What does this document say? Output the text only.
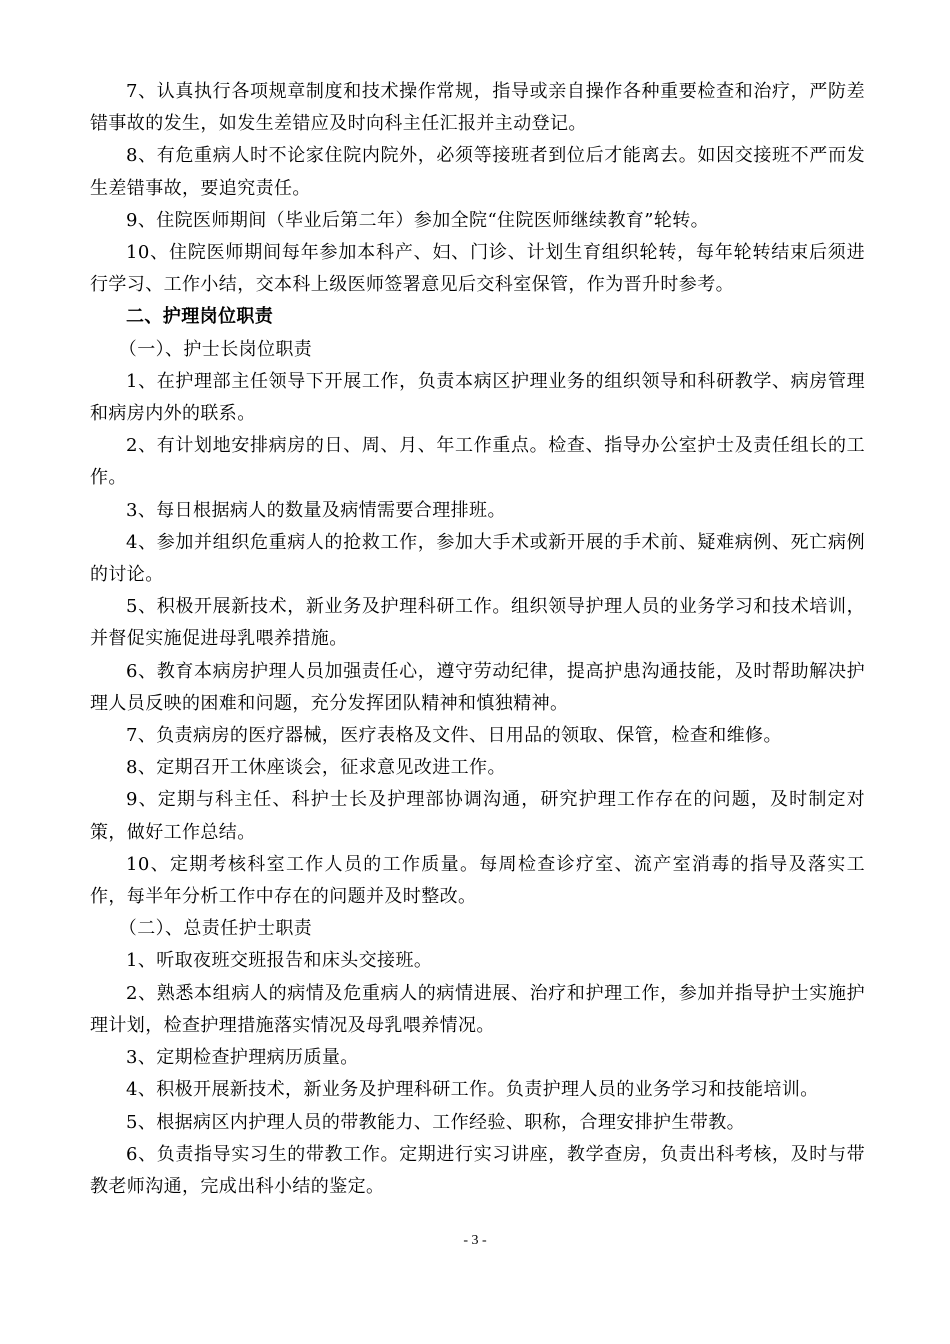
7、认真执行各项规章制度和技术操作常规，指导或亲自操作各种重要检查和治疗，严防差错事故的发生，如发生差错应及时向科主任汇报并主动登记。

8、有危重病人时不论家住院内院外，必须等接班者到位后才能离去。如因交接班不严而发生差错事故，要追究责任。

9、住院医师期间（毕业后第二年）参加全院“住院医师继续教育”轮转。

10、住院医师期间每年参加本科产、妇、门诊、计划生育组织轮转，每年轮转结束后须进行学习、工作小结，交本科上级医师签署意见后交科室保管，作为晋升时参考。

二、护理岗位职责

（一）、护士长岗位职责

1、在护理部主任领导下开展工作，负责本病区护理业务的组织领导和科研教学、病房管理和病房内外的联系。

2、有计划地安排病房的日、周、月、年工作重点。检查、指导办公室护士及责任组长的工作。

3、每日根据病人的数量及病情需要合理排班。

4、参加并组织危重病人的抢救工作，参加大手术或新开展的手术前、疑难病例、死亡病例的讨论。

5、积极开展新技术，新业务及护理科研工作。组织领导护理人员的业务学习和技术培训，并督促实施促进母乳喂养措施。

6、教育本病房护理人员加强责任心，遵守劳动纪律，提高护患沟通技能，及时帮助解决护理人员反映的困难和问题，充分发挥团队精神和慎独精神。

7、负责病房的医疗器械，医疗表格及文件、日用品的领取、保管，检查和维修。

8、定期召开工休座谈会，征求意见改进工作。

9、定期与科主任、科护士长及护理部协调沟通，研究护理工作存在的问题，及时制定对策，做好工作总结。

10、定期考核科室工作人员的工作质量。每周检查诊疗室、流产室消毒的指导及落实工作，每半年分析工作中存在的问题并及时整改。

（二）、总责任护士职责

1、听取夜班交班报告和床头交接班。

2、熟悉本组病人的病情及危重病人的病情进展、治疗和护理工作，参加并指导护士实施护理计划，检查护理措施落实情况及母乳喂养情况。

3、定期检查护理病历质量。

4、积极开展新技术，新业务及护理科研工作。负责护理人员的业务学习和技能培训。

5、根据病区内护理人员的带教能力、工作经验、职称，合理安排护生带教。

6、负责指导实习生的带教工作。定期进行实习讲座，教学查房，负责出科考核，及时与带教老师沟通，完成出科小结的鉴定。

- 3 -
